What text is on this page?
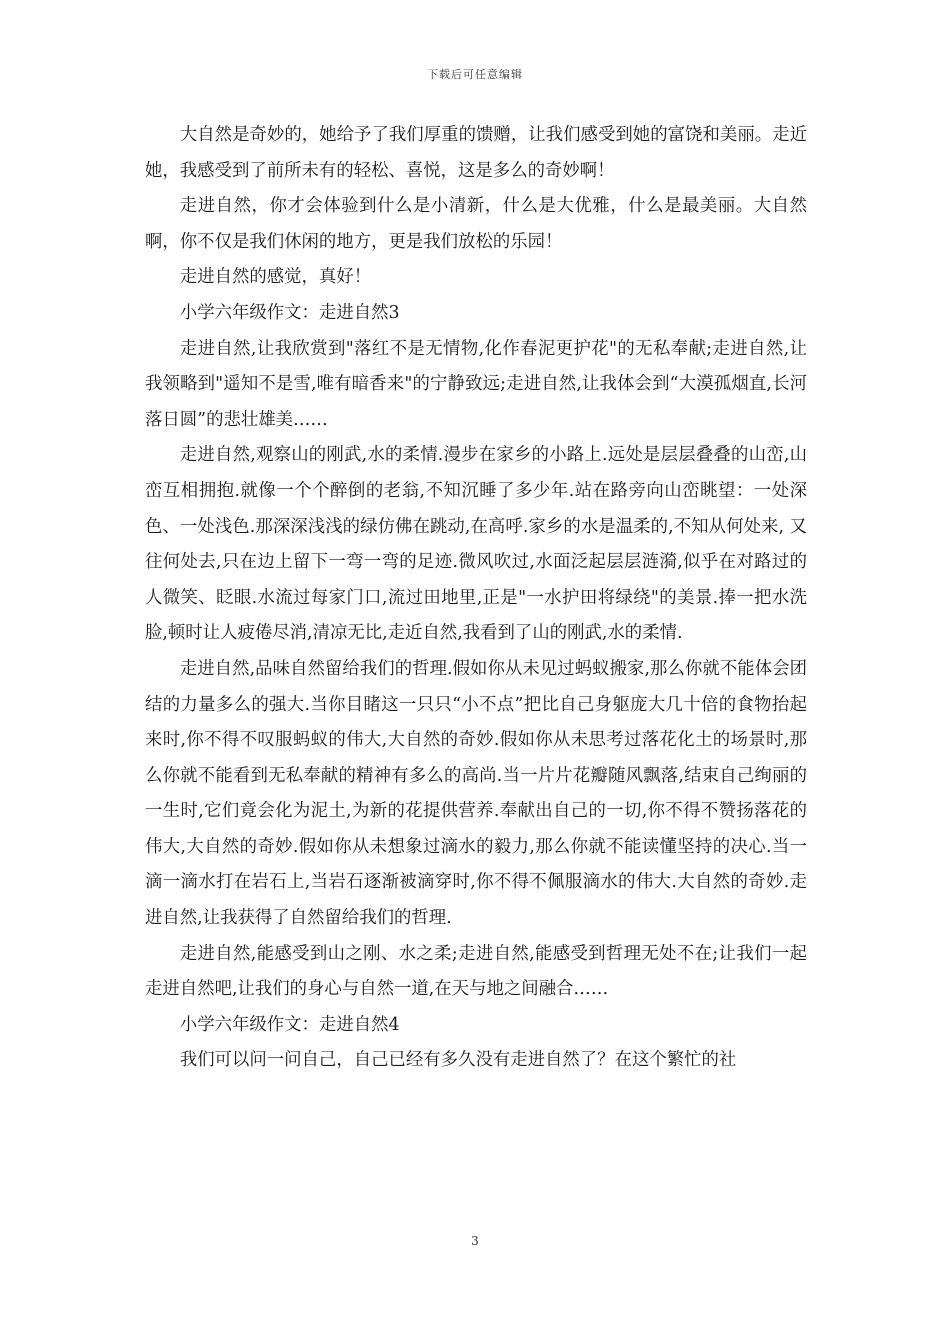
下载后可任意编辑

大自然是奇妙的，她给予了我们厚重的馈赠，让我们感受到她的富饶和美丽。走近她，我感受到了前所未有的轻松、喜悦，这是多么的奇妙啊！

走进自然，你才会体验到什么是小清新，什么是大优雅，什么是最美丽。大自然啊，你不仅是我们休闲的地方，更是我们放松的乐园！

走进自然的感觉，真好！

小学六年级作文：走进自然3

走进自然,让我欣赏到"落红不是无情物,化作春泥更护花"的无私奉献;走进自然,让我领略到"遥知不是雪,唯有暗香来"的宁静致远;走进自然,让我体会到“大漠孤烟直,长河落日圆”的悲壮雄美……

走进自然,观察山的刚武,水的柔情.漫步在家乡的小路上.远处是层层叠叠的山峦,山峦互相拥抱.就像一个个醉倒的老翁,不知沉睡了多少年.站在路旁向山峦眺望：一处深色、一处浅色.那深深浅浅的绿仿佛在跳动,在高呼.家乡的水是温柔的,不知从何处来, 又往何处去,只在边上留下一弯一弯的足迹.微风吹过,水面泛起层层涟漪,似乎在对路过的人微笑、眨眼.水流过每家门口,流过田地里,正是"一水护田将绿绕"的美景.捧一把水洗脸,顿时让人疲倦尽消,清凉无比,走近自然,我看到了山的刚武,水的柔情.

走进自然,品味自然留给我们的哲理.假如你从未见过蚂蚁搬家,那么你就不能体会团结的力量多么的强大.当你目睹这一只只“小不点”把比自己身躯庞大几十倍的食物抬起来时,你不得不叹服蚂蚁的伟大,大自然的奇妙.假如你从未思考过落花化土的场景时,那么你就不能看到无私奉献的精神有多么的高尚.当一片片花瓣随风飘落,结束自己绚丽的一生时,它们竟会化为泥土,为新的花提供营养.奉献出自己的一切,你不得不赞扬落花的伟大,大自然的奇妙.假如你从未想象过滴水的毅力,那么你就不能读懂坚持的决心.当一滴一滴水打在岩石上,当岩石逐渐被滴穿时,你不得不佩服滴水的伟大.大自然的奇妙.走进自然,让我获得了自然留给我们的哲理.

走进自然,能感受到山之刚、水之柔;走进自然,能感受到哲理无处不在;让我们一起走进自然吧,让我们的身心与自然一道,在天与地之间融合……

小学六年级作文：走进自然4

我们可以问一问自己，自己已经有多久没有走进自然了？在这个繁忙的社

3
